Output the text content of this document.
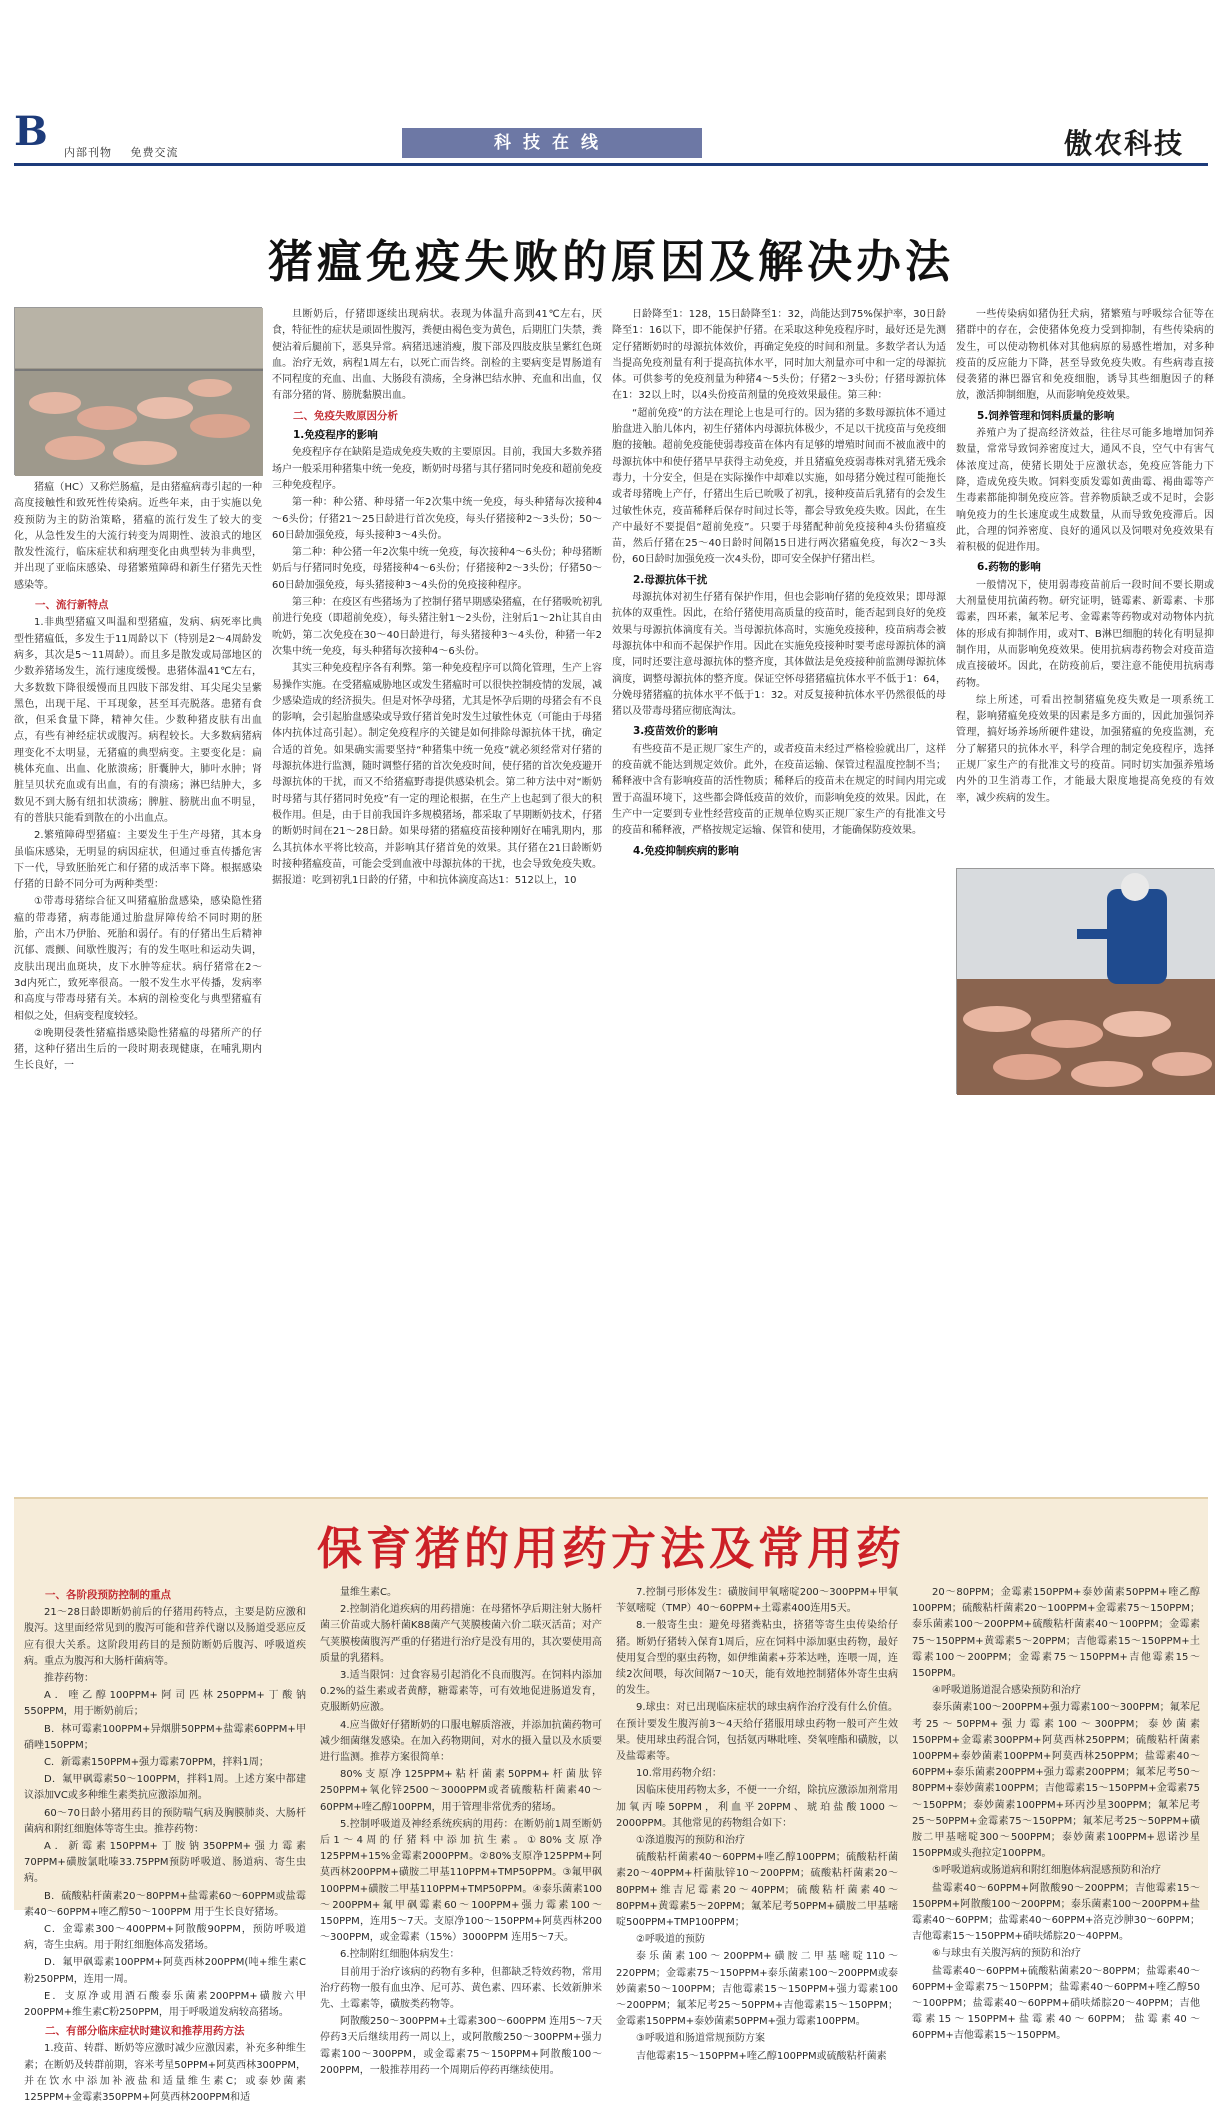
B 内部刊物 免费交流	科技在线	傲农科技
猪瘟免疫失败的原因及解决办法

猪瘟（HC）又称烂肠瘟，是由猪瘟病毒引起的一种高度接触性和致死性传染病。近些年来，由于实施以免疫预防为主的防治策略，猪瘟的流行发生了较大的变化，从急性发生的大流行转变为周期性、波浪式的地区散发性流行，临床症状和病理变化由典型转为非典型，并出现了亚临床感染、母猪繁殖障碍和新生仔猪先天性感染等。

一、流行新特点

1.非典型猪瘟又叫温和型猪瘟，发病、病死率比典型性猪瘟低，多发生于11周龄以下（特别是2～4周龄发病多，其次是5～11周龄）。而且多是散发或局部地区的少数养猪场发生，流行速度缓慢。患猪体温41℃左右，大多数数下降很缓慢而且四肢下部发绀、耳尖尾尖呈紫黑色，出现干尾、干耳现象，甚至耳壳脱落。患猪有食欲，但采食量下降，精神欠佳。少数种猪皮肤有出血点，有些有神经症状或腹泻。病程较长。大多数病猪病理变化不太明显，无猪瘟的典型病变。主要变化是：扁桃体充血、出血、化脓溃疡；肝囊肿大，肺叶水肿；肾脏呈贝状充血或有出血，有的有溃疡；淋巴结肿大，多数见不到大肠有纽扣状溃疡；脾脏、膀胱出血不明显，有的普肤只能看到散在的小出血点。

2.繁殖障碍型猪瘟：主要发生于生产母猪，其本身虽临床感染，无明显的病因症状，但通过垂直传播危害下一代，导致胚胎死亡和仔猪的成活率下降。根据感染仔猪的日龄不同分可为两种类型：

①带毒母猪综合征又叫猪瘟胎盘感染，感染隐性猪瘟的带毒猪，病毒能通过胎盘屏障传给不同时期的胚胎，产出木乃伊胎、死胎和弱仔。有的仔猪出生后精神沉郁、震颤、间歇性腹泻；有的发生呕吐和运动失调，皮肤出现出血斑块，皮下水肿等症状。病仔猪常在2～3d内死亡，致死率很高。一般不发生水平传播，发病率和高度与带毒母猪有关。本病的剖检变化与典型猪瘟有相似之处，但病变程度较轻。

②晚期侵袭性猪瘟指感染隐性猪瘟的母猪所产的仔猪，这种仔猪出生后的一段时期表现健康，在哺乳期内生长良好，一

旦断奶后，仔猪即逐续出现病状。表现为体温升高到41℃左右，厌食，特征性的症状是顽固性腹泻，粪便由褐色变为黄色，后期肛门失禁，粪便沾着后腿前下，恶臭异常。病猪迅速消瘦，腹下部及四肢皮肤呈紫红色斑血。治疗无效，病程1周左右，以死亡而告终。剖检的主要病变是胃肠道有不同程度的充血、出血、大肠段有溃疡，全身淋巴结水肿、充血和出血，仅有部分猪的肾、膀胱黏膜出血。

二、免疫失败原因分析
1.免疫程序的影响

免疫程序存在缺陷是造成免疫失败的主要原因。目前，我国大多数养猪场户一般采用种猪集中统一免疫，断奶时母猪与其仔猪同时免疫和超前免疫三种免疫程序。

第一种：种公猪、种母猪一年2次集中统一免疫，每头种猪每次接种4～6头份；仔猪21～25日龄进行首次免疫，每头仔猪接种2～3头份；50～60日龄加强免疫，每头接种3～4头份。

第二种：种公猪一年2次集中统一免疫，每次接种4～6头份；种母猪断奶后与仔猪同时免疫，母猪接种4～6头份；仔猪接种2～3头份；仔猪50～60日龄加强免疫，每头猪接种3～4头份的免疫接种程序。

第三种：在疫区有些猪场为了控制仔猪早期感染猪瘟，在仔猪吸吮初乳前进行免疫（即超前免疫），每头猪注射1～2头份，注射后1～2h让其自由吮奶，第二次免疫在30～40日龄进行，每头猪接种3～4头份，种猪一年2次集中统一免疫，每头种猪每次接种4～6头份。

其实三种免疫程序各有利弊。第一种免疫程序可以简化管理，生产上容易操作实施。在受猪瘟威胁地区或发生猪瘟时可以很快控制疫情的发展，减少感染造成的经济损失。但是对怀孕母猪，尤其是怀孕后期的母猪会有不良的影响，会引起胎盘感染或导致仔猪首免时发生过敏性休克（可能由于母猪体内抗体过高引起）。制定免疫程序的关键是如何排除母源抗体干扰，确定合适的首免。如果确实需要坚持“种猪集中统一免疫”就必须经常对仔猪的母源抗体进行监测，随时调整仔猪的首次免疫时间，使仔猪的首次免疫避开母源抗体的干扰，而又不给猪瘟野毒提供感染机会。第二种方法中对“断奶时母猪与其仔猪同时免疫”有一定的理论根据，在生产上也起到了很大的积极作用。但是，由于目前我国许多规模猪场，都采取了早期断奶技术，仔猪的断奶时间在21～28日龄。如果母猪的猪瘟疫苗接种刚好在哺乳期内，那么其抗体水平将比较高，并影响其仔猪首免的效果。其仔猪在21日龄断奶时接种猪瘟疫苗，可能会受到血液中母源抗体的干扰，也会导致免疫失败。据报道：吃到初乳1日龄的仔猪，中和抗体滴度高达1：512以上，10

日龄降至1：128，15日龄降至1：32，尚能达到75%保护率，30日龄降至1：16以下，即不能保护仔猪。在采取这种免疫程序时，最好还是先测定仔猪断奶时的母源抗体效价，再确定免疫的时间和剂量。多数学者认为适当提高免疫剂量有利于提高抗体水平，同时加大剂量亦可中和一定的母源抗体。可供参考的免疫剂量为种猪4～5头份；仔猪2～3头份；仔猪母源抗体在1：32以上时，以4头份疫苗剂量的免疫效果最佳。第三种：

“超前免疫”的方法在理论上也是可行的。因为猪的多数母源抗体不通过胎盘进入胎儿体内，初生仔猪体内母源抗体极少，不足以干扰疫苗与免疫细胞的接触。超前免疫能使弱毒疫苗在体内有足够的增殖时间而不被血液中的母源抗体中和使仔猪早早获得主动免疫，并且猪瘟免疫弱毒株对乳猪无残余毒力，十分安全，但是在实际操作中却难以实施，如母猪分娩过程可能拖长或者母猪晚上产仔，仔猪出生后已吮吸了初乳，接种疫苗后乳猪有的会发生过敏性休克，疫苗稀释后保存时间过长等，都会导致免疫失败。因此，在生产中最好不要提倡“超前免疫”。只要于母猪配种前免疫接种4头份猪瘟疫苗，然后仔猪在25～40日龄时间隔15日进行两次猪瘟免疫，每次2～3头份，60日龄时加强免疫一次4头份，即可安全保护仔猪出栏。

2.母源抗体干扰

母源抗体对初生仔猪有保护作用，但也会影响仔猪的免疫效果；即母源抗体的双重性。因此，在给仔猪使用高质量的疫苗时，能否起到良好的免疫效果与母源抗体滴度有关。当母源抗体高时，实施免疫接种，疫苗病毒会被母源抗体中和而不起保护作用。因此在实施免疫接种时要考虑母源抗体的滴度，同时还要注意母源抗体的整齐度，其体做法是免疫接种前监测母源抗体滴度，调整母源抗体的整齐度。保证空怀母猪猪瘟抗体水平不低于1：64，分娩母猪猪瘟的抗体水平不低于1：32。对反复接种抗体水平仍然很低的母猪以及带毒母猪应彻底淘汰。

3.疫苗效价的影响

有些疫苗不是正规厂家生产的，或者疫苗未经过严格检验就出厂，这样的疫苗就不能达到规定效价。此外，在疫苗运输、保管过程温度控制不当；稀释液中含有影响疫苗的活性物质；稀释后的疫苗未在规定的时间内用完或置于高温环境下，这些都会降低疫苗的效价，而影响免疫的效果。因此，在生产中一定要到专业性经营疫苗的正规单位购买正规厂家生产的有批准文号的疫苗和稀释液，严格按规定运输、保管和使用，才能确保防疫效果。

4.免疫抑制疾病的影响

一些传染病如猪伪狂犬病，猪繁殖与呼吸综合征等在猪群中的存在，会使猪体免疫力受到抑制，有些传染病的发生，可以使动物机体对其他病原的易感性增加，对多种疫苗的反应能力下降，甚至导致免疫失败。有些病毒直接侵袭猪的淋巴器官和免疫细胞，诱导其些细胞因子的释放，激活抑制细胞，从而影响免疫效果。

5.饲养管理和饲料质量的影响

养殖户为了提高经济效益，往往尽可能多地增加饲养数量，常常导致饲养密度过大，通风不良，空气中有害气体浓度过高，使猪长期处于应激状态，免疫应答能力下降，造成免疫失败。饲料变质发霉如黄曲霉、褐曲霉等产生毒素都能抑制免疫应答。营养物质缺乏或不足时，会影响免疫力的生长速度或生成数量，从而导致免疫滞后。因此，合理的饲养密度、良好的通风以及饲喂对免疫效果有着积极的促进作用。

6.药物的影响

一般情况下，使用弱毒疫苗前后一段时间不要长期或大剂量使用抗菌药物。研究证明，链霉素、新霉素、卡那霉素，四环素，氟苯尼考、金霉素等药物或对动物体内抗体的形成有抑制作用，或对T、B淋巴细胞的转化有明显抑制作用，从而影响免疫效果。使用抗病毒药物会对疫苗造成直接破坏。因此，在防疫前后，要注意不能使用抗病毒药物。

综上所述，可看出控制猪瘟免疫失败是一项系统工程，影响猪瘟免疫效果的因素是多方面的，因此加强饲养管理，搞好场养场所硬件建设，加强猪瘟的免疫监测，充分了解猪只的抗体水平，科学合理的制定免疫程序，选择正规厂家生产的有批准文号的疫苗。同时切实加强养殖场内外的卫生消毒工作，才能最大限度地提高免疫的有效率，减少疾病的发生。

保育猪的用药方法及常用药
一、各阶段预防控制的重点

21～28日龄即断奶前后的仔猪用药特点，主要是防应激和腹泻。这里面经常见到的腹泻可能和营养代谢以及肠道受恶应反应有很大关系。这阶段用药目的是预防断奶后腹泻、呼吸道疾病。重点为腹泻和大肠杆菌病等。

推荐药物：

A．喹乙醇100PPM+阿司匹林250PPM+丁酸钠550PPM，用于断奶前后；

B．林可霉素100PPM+异烟肼50PPM+盐霉素60PPM+甲硝唑150PPM；

C．新霉素150PPM+强力霉素70PPM，拌料1周；

D．氟甲砜霉素50～100PPM，拌料1周。上述方案中都建议添加VC或多种维生素类抗应激添加剂。

60～70日龄小猪用药目的预防喘气病及胸膜肺炎、大肠杆菌病和附红细胞体等寄生虫。推荐药物：

A．新霉素150PPM+丁胺钠350PPM+强力霉素70PPM+磺胺氯吡嗪33.75PPM预防呼吸道、肠道病、寄生虫病。

B．硫酸粘杆菌素20～80PPM+盐霉素60～60PPM或盐霉素40～60PPM+喹乙醇50～100PPM 用于生长良好猪场。

C．金霉素300～400PPM+阿散酸90PPM，预防呼吸道病，寄生虫病。用于附红细胞体高发猪场。

D．氟甲砜霉素100PPM+阿莫西林200PPM(吨+维生素C粉250PPM，连用一周。

E．支原净或用酒石酸泰乐菌素200PPM+磺胺六甲200PPM+维生素C粉250PPM，用于呼吸道发病较高猪场。

二、有部分临床症状时建议和推荐用药方法

1.疫苗、转群、断奶等应激时减少应激因素，补充多种维生素；在断奶及转群前期，容米考星50PPM+阿莫西林300PPM，并在饮水中添加补液盐和适量维生素C；或泰妙菌素125PPM+金霉素350PPM+阿莫西林200PPM和适

量维生素C。

2.控制消化道疾病的用药措施：在母猪怀孕后期注射大肠杆菌三价苗或大肠杆菌K88菌产气荚膜梭菌六价二联灭活苗；对产气荚膜梭菌腹泻严重的仔猪进行治疗是没有用的，其次要使用高质量的乳猪料。

3.适当限饲：过食容易引起消化不良而腹泻。在饲料内添加0.2%的益生素或者黄酵，糖霉素等，可有效地促进肠道发育，克服断奶应激。

4.应当做好仔猪断奶的口服电解质溶液，并添加抗菌药物可减少细菌继发感染。在加入药物期间，对水的摄入量以及水质要进行监测。推荐方案很简单：

80%支原净125PPM+粘杆菌素50PPM+杆菌肽锌250PPM+氧化锌2500～3000PPM或者硫酸粘杆菌素40～60PPM+喹乙醇100PPM，用于管理非常优秀的猪场。

5.控制呼吸道及神经系统疾病的用药：在断奶前1周至断奶后1～4周的仔猪料中添加抗生素。①80%支原净125PPM+15%金霉素2000PPM。②80%支原净125PPM+阿莫西林200PPM+磺胺二甲基110PPM+TMP50PPM。③氟甲砜100PPM+磺胺二甲基110PPM+TMP50PPM。④泰乐菌素100～200PPM+氟甲砜霉素60～100PPM+强力霉素100～150PPM，连用5～7天。支原净100～150PPM+阿莫西林200～300PPM，或金霉素（15%）3000PPM 连用5～7天。

6.控制附红细胞体病发生：

目前用于治疗该病的药物有多种，但都缺乏特效药物，常用治疗药物一般有血虫净、尼可苏、黄色素、四环素、长效新胂米先、土霉素等，磺胺类药物等。

阿散酸250～300PPM+土霉素300～600PPM 连用5～7天停药3天后继续用药一周以上，或阿散酸250～300PPM+强力霉素100～300PPM，或金霉素75～150PPM+阿散酸100～200PPM，一般推荐用药一个周期后停药再继续使用。

7.控制弓形体发生：磺胺间甲氧嘧啶200～300PPM+甲氧苄氨嘧啶（TMP）40～60PPM+土霉素400连用5天。

8.一般寄生虫：避免母猪粪粘虫，挤猪等寄生虫传染给仔猪。断奶仔猪转入保育1周后，应在饲料中添加驱虫药物，最好使用复合型的驱虫药物，如伊维菌素+芬苯达唑，连喂一周，连续2次间喂，每次间隔7～10天，能有效地控制猪体外寄生虫病的发生。

9.球虫：对已出现临床症状的球虫病作治疗没有什么价值。在预计要发生腹泻前3～4天给仔猪服用球虫药物一般可产生效果。使用球虫药混合饲，包括氨丙啉吡喹、癸氧喹酯和磺胺，以及盐霉素等。

10.常用药物介绍：

因临床使用药物太多，不便一一介绍，除抗应激添加剂常用加氧丙嗪50PPM，利血平20PPM、琥珀盐酸1000～2000PPM。其他常见的药物组合如下：

①涤道腹泻的预防和治疗

硫酸粘杆菌素40～60PPM+喹乙醇100PPM；硫酸粘杆菌素20～40PPM+杆菌肽锌10～200PPM；硫酸粘杆菌素20～80PPM+维吉尼霉素20～40PPM；硫酸粘杆菌素40～80PPM+黄霉素5～20PPM；氟苯尼考50PPM+磺胺二甲基嘧啶500PPM+TMP100PPM；

②呼吸道的预防

泰乐菌素100～200PPM+磺胺二甲基嘧啶110～220PPM；金霉素75～150PPM+泰乐菌素100～200PPM或泰妙菌素50～100PPM；吉他霉素15～150PPM+强力霉素100～200PPM；氟苯尼考25～50PPM+吉他霉素15～150PPM；金霉素150PPM+泰妙菌素50PPM+强力霉素100PPM。

③呼吸道和肠道常规预防方案

吉他霉素15～150PPM+喹乙醇100PPM或硫酸粘杆菌素

20～80PPM；金霉素150PPM+泰妙菌素50PPM+喹乙醇100PPM；硫酸粘杆菌素20～100PPM+金霉素75～150PPM；泰乐菌素100～200PPM+硫酸粘杆菌素40～100PPM；金霉素75～150PPM+黄霉素5～20PPM；吉他霉素15～150PPM+土霉素100～200PPM；金霉素75～150PPM+吉他霉素15～150PPM。

④呼吸道肠道混合感染预防和治疗

泰乐菌素100～200PPM+强力霉素100～300PPM；氟苯尼考25～50PPM+强力霉素100～300PPM；泰妙菌素150PPM+金霉素300PPM+阿莫西林250PPM；硫酸粘杆菌素100PPM+泰妙菌素100PPM+阿莫西林250PPM；盐霉素40～60PPM+泰乐菌素200PPM+强力霉素200PPM；氟苯尼考50～80PPM+泰妙菌素100PPM；吉他霉素15～150PPM+金霉素75～150PPM；泰妙菌素100PPM+环丙沙星300PPM；氟苯尼考25～50PPM+金霉素75～150PPM；氟苯尼考25～50PPM+磺胺二甲基嘧啶300～500PPM；泰妙菌素100PPM+恩诺沙星150PPM或头孢拉定100PPM。

⑤呼吸道病或肠道病和附红细胞体病混感预防和治疗

盐霉素40～60PPM+阿散酸90～200PPM；吉他霉素15～150PPM+阿散酸100～200PPM；泰乐菌素100～200PPM+盐霉素40～60PPM；盐霉素40～60PPM+洛克沙胂30～60PPM；吉他霉素15～150PPM+硝呋烯腙20～40PPM。

⑥与球虫有关腹泻病的预防和治疗

盐霉素40～60PPM+硫酸粘菌素20～80PPM；盐霉素40～60PPM+金霉素75～150PPM；盐霉素40～60PPM+喹乙醇50～100PPM；盐霉素40～60PPM+硝呋烯腙20～40PPM；吉他霉素15～150PPM+盐霉素40～60PPM；盐霉素40～60PPM+吉他霉素15～150PPM。
